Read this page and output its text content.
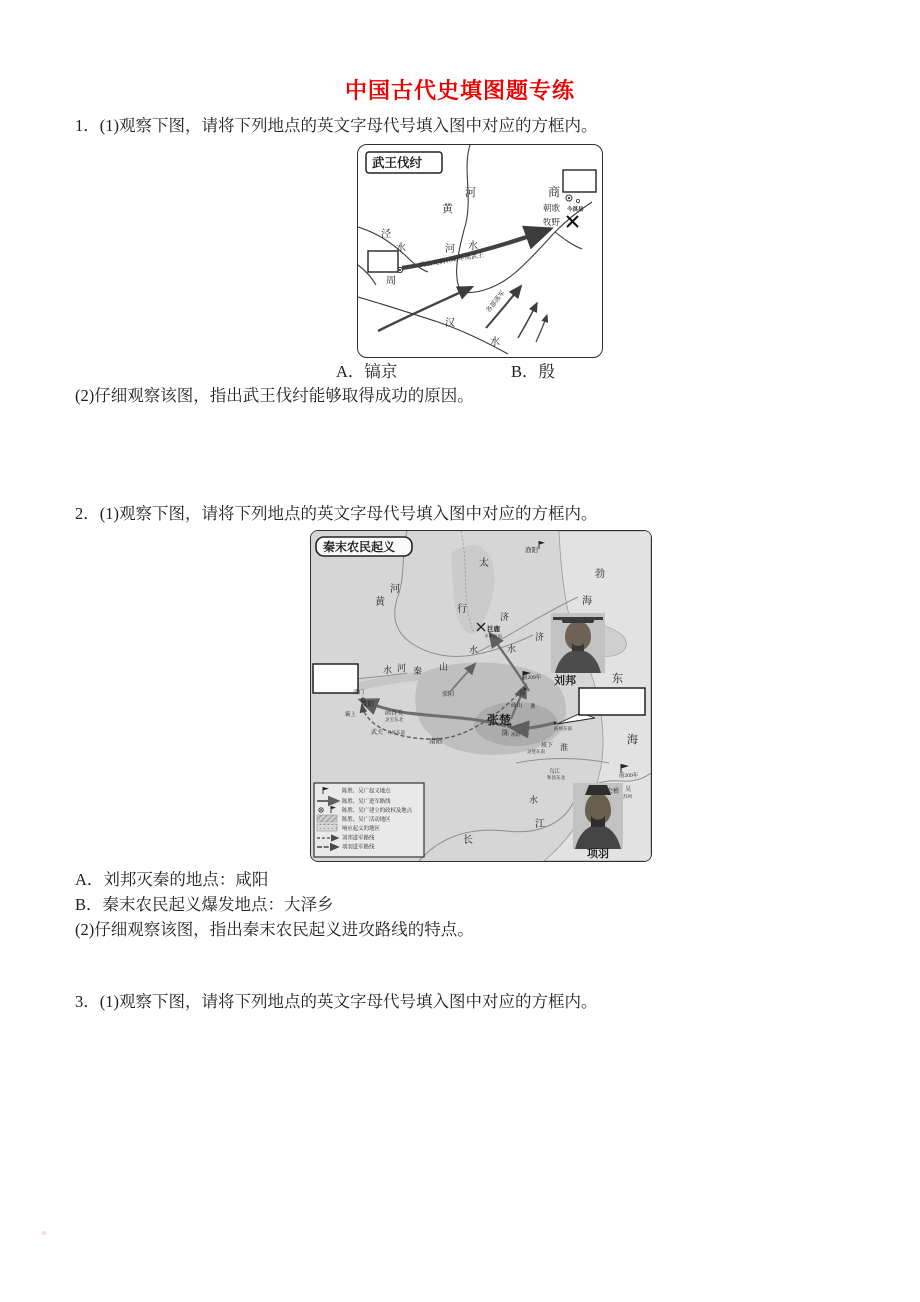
中国古代史填图题专练
1．(1)观察下图，请将下列地点的英文字母代号填入图中对应的方框内。
武王伐纣
河
黄
商
朝歌 今淇县
牧野
泾
水	河 水
周
约公元前1046年周武王
各部落军
汉
水
A．镐京	B．殷
(2)仔细观察该图，指出武王伐纣能够取得成功的原因。
2．(1)观察下图，请将下列地点的英文字母代号填入图中对应的方框内。
秦末农民起义	渔阳
太
行
勃
海
河
黄
济
巨鹿
平乡西南	济
水	水
刘邦	东
海
水 河 秦 山
鸿门
咸阳
霸上	函谷关
灵宝东北
武关 丹凤东南
南阳
荥阳
张楚
陈 淮阳
沛
砀山 谯
前209年
宿州东南
垓下
灵壁东南 淮
乌江
和县东北	前209年
会稽 吴
苏州
水
江
长
项羽
陈胜、吴广起义地点
陈胜、吴广进军路线
陈胜、吴广建立的政权及地点
陈胜、吴广活动地区
响应起义的地区
刘邦进军路线
项羽进军路线
A．刘邦灭秦的地点：咸阳
B．秦末农民起义爆发地点：大泽乡
(2)仔细观察该图，指出秦末农民起义进攻路线的特点。
3．(1)观察下图，请将下列地点的英文字母代号填入图中对应的方框内。
